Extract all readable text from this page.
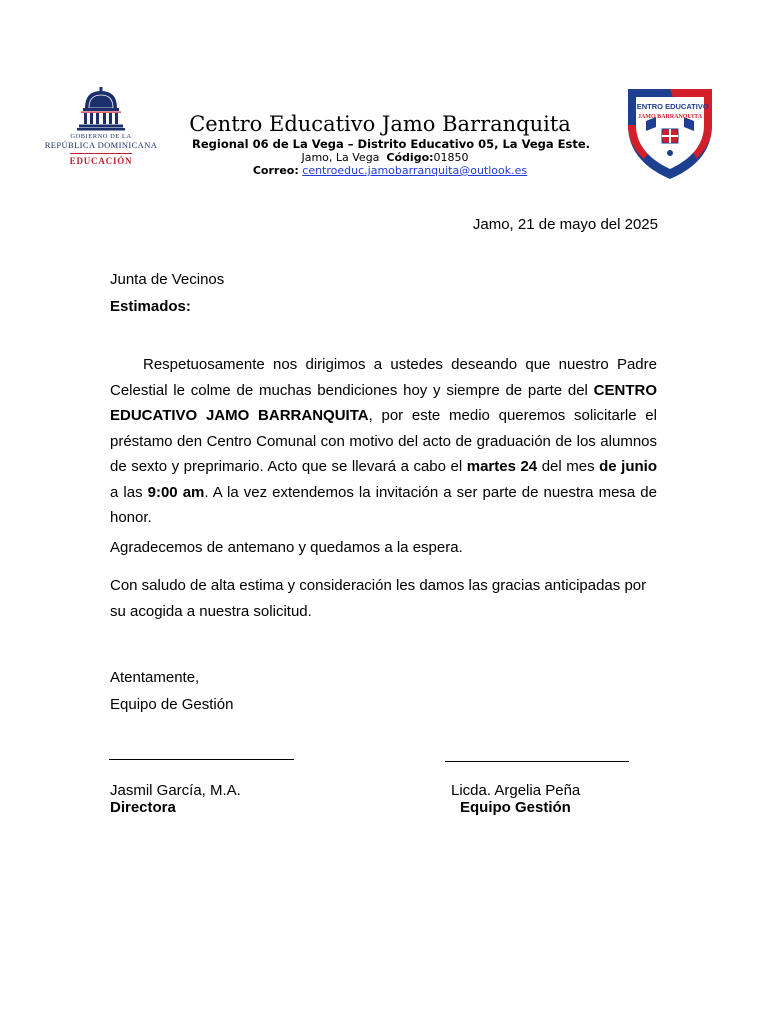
GOBIERNO DE LA
REPÚBLICA DOMINICANA
EDUCACIÓN
Centro Educativo Jamo Barranquita
Regional 06 de La Vega – Distrito Educativo 05, La Vega Este.
Jamo, La Vega Código:01850
Correo: centroeduc.jamobarranquita@outlook.es
CENTRO EDUCATIVO
JAMO BARRANQUITA
Jamo, 21 de mayo del 2025
Junta de Vecinos
Estimados:
Respetuosamente nos dirigimos a ustedes deseando que nuestro Padre Celestial le colme de muchas bendiciones hoy y siempre de parte del CENTRO EDUCATIVO JAMO BARRANQUITA, por este medio queremos solicitarle el préstamo den Centro Comunal con motivo del acto de graduación de los alumnos de sexto y preprimario. Acto que se llevará a cabo el martes 24 del mes de junio a las 9:00 am. A la vez extendemos la invitación a ser parte de nuestra mesa de honor.
Agradecemos de antemano y quedamos a la espera.
Con saludo de alta estima y consideración les damos las gracias anticipadas por su acogida a nuestra solicitud.
Atentamente,
Equipo de Gestión
Jasmil García, M.A.
Directora
Licda. Argelia Peña
Equipo Gestión
